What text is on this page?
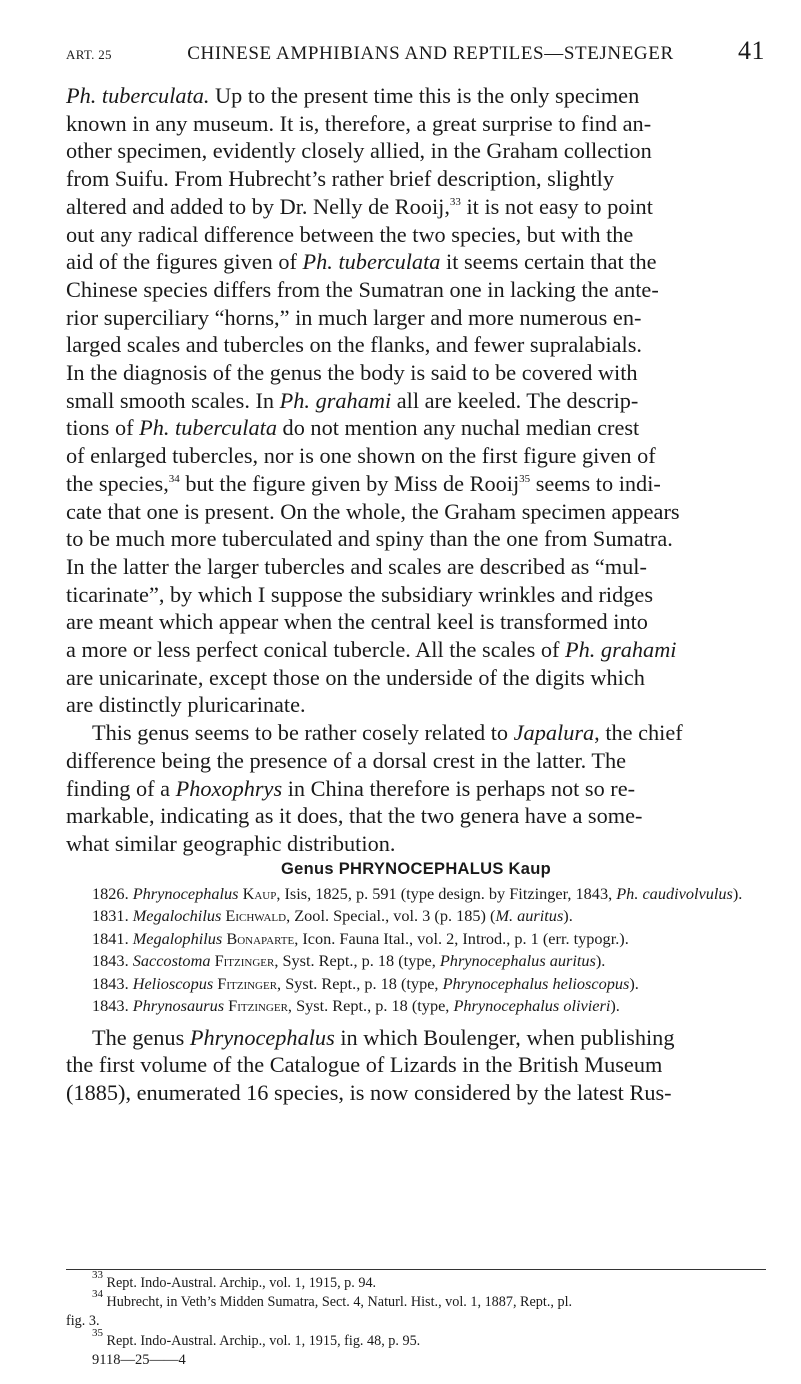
ART. 25	CHINESE AMPHIBIANS AND REPTILES—STEJNEGER	41

Ph. tuberculata. Up to the present time this is the only specimen
known in any museum. It is, therefore, a great surprise to find an-
other specimen, evidently closely allied, in the Graham collection
from Suifu. From Hubrecht’s rather brief description, slightly
altered and added to by Dr. Nelly de Rooij,$^{33}$ it is not easy to point
out any radical difference between the two species, but with the
aid of the figures given of Ph. tuberculata it seems certain that the
Chinese species differs from the Sumatran one in lacking the ante-
rior superciliary “horns,” in much larger and more numerous en-
larged scales and tubercles on the flanks, and fewer supralabials.
In the diagnosis of the genus the body is said to be covered with
small smooth scales. In Ph. grahami all are keeled. The descrip-
tions of Ph. tuberculata do not mention any nuchal median crest
of enlarged tubercles, nor is one shown on the first figure given of
the species,$^{34}$ but the figure given by Miss de Rooij$^{35}$ seems to indi-
cate that one is present. On the whole, the Graham specimen appears
to be much more tuberculated and spiny than the one from Sumatra.
In the latter the larger tubercles and scales are described as “mul-
ticarinate”, by which I suppose the subsidiary wrinkles and ridges
are meant which appear when the central keel is transformed into
a more or less perfect conical tubercle. All the scales of Ph. grahami
are unicarinate, except those on the underside of the digits which
are distinctly pluricarinate.

This genus seems to be rather cosely related to Japalura, the chief
difference being the presence of a dorsal crest in the latter. The
finding of a Phoxophrys in China therefore is perhaps not so re-
markable, indicating as it does, that the two genera have a some-
what similar geographic distribution.

Genus PHRYNOCEPHALUS Kaup
1826. Phrynocephalus Kaup, Isis, 1825, p. 591 (type design. by Fitzinger, 1843, Ph. caudivolvulus).
1831. Megalochilus Eichwald, Zool. Special., vol. 3 (p. 185) (M. auritus).
1841. Megalophilus Bonaparte, Icon. Fauna Ital., vol. 2, Introd., p. 1 (err. typogr.).
1843. Saccostoma Fitzinger, Syst. Rept., p. 18 (type, Phrynocephalus auritus).
1843. Helioscopus Fitzinger, Syst. Rept., p. 18 (type, Phrynocephalus helioscopus).
1843. Phrynosaurus Fitzinger, Syst. Rept., p. 18 (type, Phrynocephalus olivieri).

The genus Phrynocephalus in which Boulenger, when publishing
the first volume of the Catalogue of Lizards in the British Museum
(1885), enumerated 16 species, is now considered by the latest Rus-

$^{33}$ Rept. Indo-Austral. Archip., vol. 1, 1915, p. 94.
$^{34}$ Hubrecht, in Veth’s Midden Sumatra, Sect. 4, Naturl. Hist., vol. 1, 1887, Rept., pl.
fig. 3.
$^{35}$ Rept. Indo-Austral. Archip., vol. 1, 1915, fig. 48, p. 95.
9118—25——4
